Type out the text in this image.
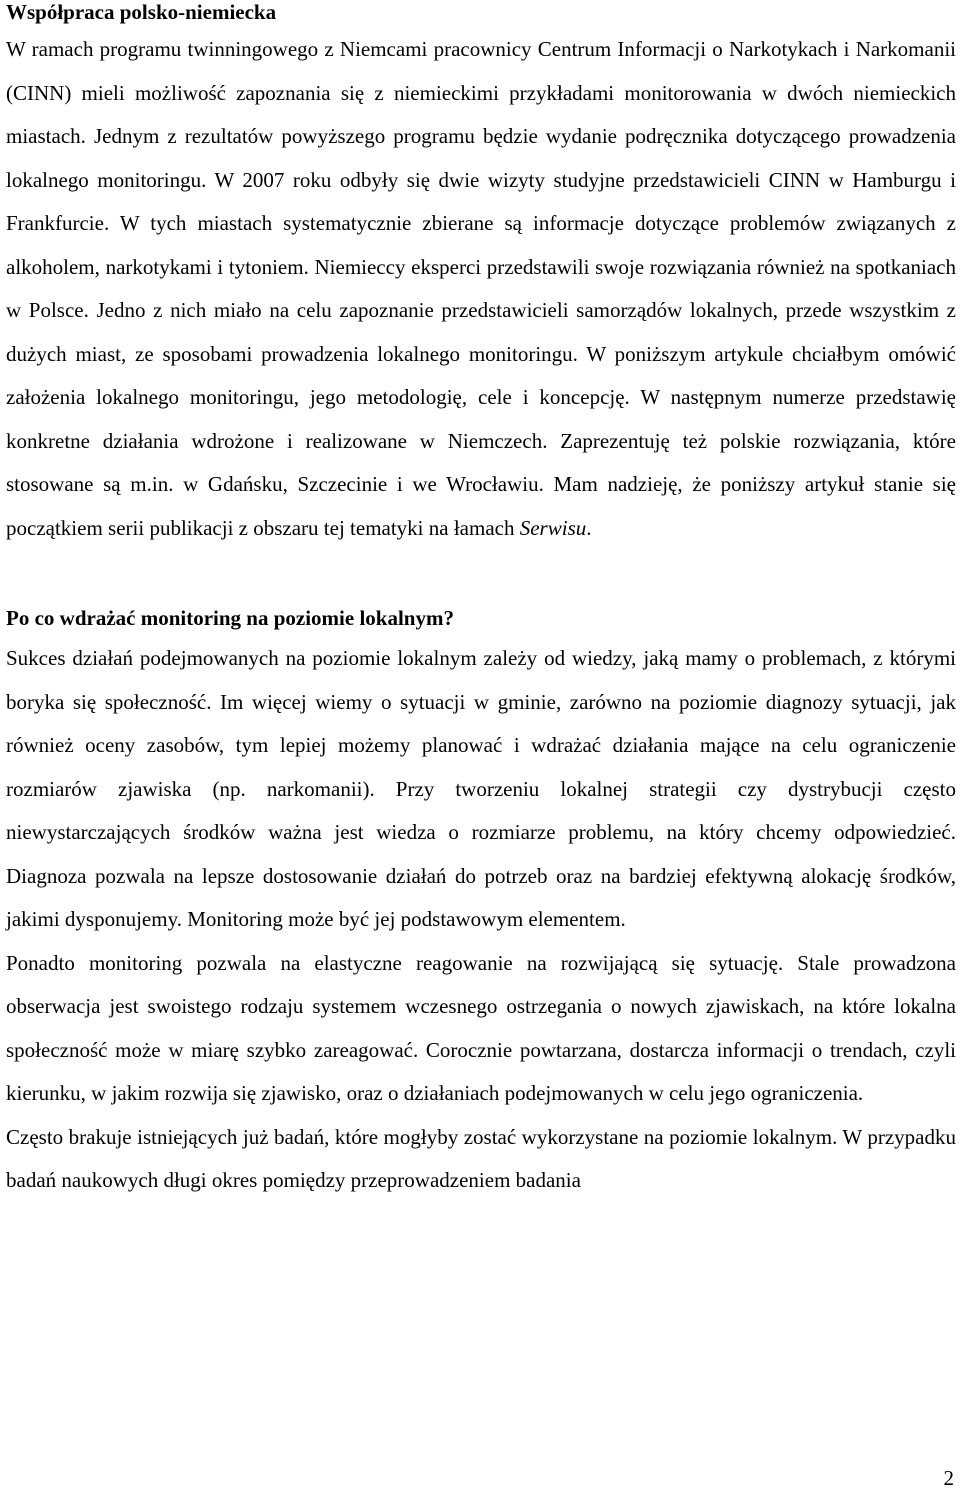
Współpraca polsko-niemiecka

W ramach programu twinningowego z Niemcami pracownicy Centrum Informacji o Narkotykach i Narkomanii (CINN) mieli możliwość zapoznania się z niemieckimi przykładami monitorowania w dwóch niemieckich miastach. Jednym z rezultatów powyższego programu będzie wydanie podręcznika dotyczącego prowadzenia lokalnego monitoringu. W 2007 roku odbyły się dwie wizyty studyjne przedstawicieli CINN w Hamburgu i Frankfurcie. W tych miastach systematycznie zbierane są informacje dotyczące problemów związanych z alkoholem, narkotykami i tytoniem. Niemieccy eksperci przedstawili swoje rozwiązania również na spotkaniach w Polsce. Jedno z nich miało na celu zapoznanie przedstawicieli samorządów lokalnych, przede wszystkim z dużych miast, ze sposobami prowadzenia lokalnego monitoringu. W poniższym artykule chciałbym omówić założenia lokalnego monitoringu, jego metodologię, cele i koncepcję. W następnym numerze przedstawię konkretne działania wdrożone i realizowane w Niemczech. Zaprezentuję też polskie rozwiązania, które stosowane są m.in. w Gdańsku, Szczecinie i we Wrocławiu. Mam nadzieję, że poniższy artykuł stanie się początkiem serii publikacji z obszaru tej tematyki na łamach Serwisu.

Po co wdrażać monitoring na poziomie lokalnym?

Sukces działań podejmowanych na poziomie lokalnym zależy od wiedzy, jaką mamy o problemach, z którymi boryka się społeczność. Im więcej wiemy o sytuacji w gminie, zarówno na poziomie diagnozy sytuacji, jak również oceny zasobów, tym lepiej możemy planować i wdrażać działania mające na celu ograniczenie rozmiarów zjawiska (np. narkomanii). Przy tworzeniu lokalnej strategii czy dystrybucji często niewystarczających środków ważna jest wiedza o rozmiarze problemu, na który chcemy odpowiedzieć. Diagnoza pozwala na lepsze dostosowanie działań do potrzeb oraz na bardziej efektywną alokację środków, jakimi dysponujemy. Monitoring może być jej podstawowym elementem.

Ponadto monitoring pozwala na elastyczne reagowanie na rozwijającą się sytuację. Stale prowadzona obserwacja jest swoistego rodzaju systemem wczesnego ostrzegania o nowych zjawiskach, na które lokalna społeczność może w miarę szybko zareagować. Corocznie powtarzana, dostarcza informacji o trendach, czyli kierunku, w jakim rozwija się zjawisko, oraz o działaniach podejmowanych w celu jego ograniczenia.

Często brakuje istniejących już badań, które mogłyby zostać wykorzystane na poziomie lokalnym. W przypadku badań naukowych długi okres pomiędzy przeprowadzeniem badania

2
